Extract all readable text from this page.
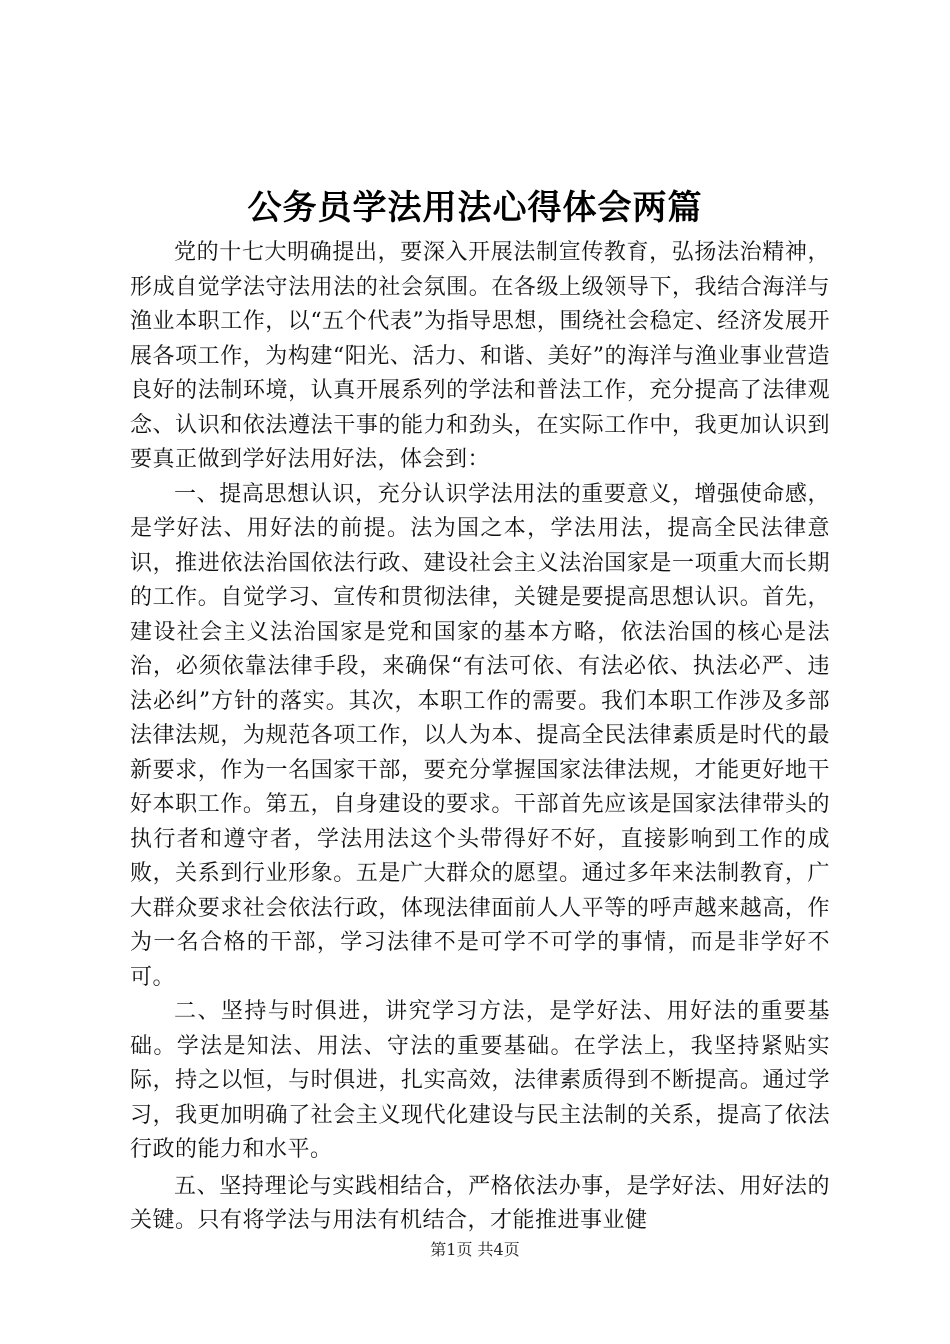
公务员学法用法心得体会两篇

党的十七大明确提出，要深入开展法制宣传教育，弘扬法治精神，形成自觉学法守法用法的社会氛围。在各级上级领导下，我结合海洋与渔业本职工作，以“五个代表”为指导思想，围绕社会稳定、经济发展开展各项工作，为构建“阳光、活力、和谐、美好”的海洋与渔业事业营造良好的法制环境，认真开展系列的学法和普法工作，充分提高了法律观念、认识和依法遵法干事的能力和劲头，在实际工作中，我更加认识到要真正做到学好法用好法，体会到：

一、提高思想认识，充分认识学法用法的重要意义，增强使命感，是学好法、用好法的前提。法为国之本，学法用法，提高全民法律意识，推进依法治国依法行政、建设社会主义法治国家是一项重大而长期的工作。自觉学习、宣传和贯彻法律，关键是要提高思想认识。首先，建设社会主义法治国家是党和国家的基本方略，依法治国的核心是法治，必须依靠法律手段，来确保“有法可依、有法必依、执法必严、违法必纠”方针的落实。其次，本职工作的需要。我们本职工作涉及多部法律法规，为规范各项工作，以人为本、提高全民法律素质是时代的最新要求，作为一名国家干部，要充分掌握国家法律法规，才能更好地干好本职工作。第五，自身建设的要求。干部首先应该是国家法律带头的执行者和遵守者，学法用法这个头带得好不好，直接影响到工作的成败，关系到行业形象。五是广大群众的愿望。通过多年来法制教育，广大群众要求社会依法行政，体现法律面前人人平等的呼声越来越高，作为一名合格的干部，学习法律不是可学不可学的事情，而是非学好不可。

二、坚持与时俱进，讲究学习方法，是学好法、用好法的重要基础。学法是知法、用法、守法的重要基础。在学法上，我坚持紧贴实际，持之以恒，与时俱进，扎实高效，法律素质得到不断提高。通过学习，我更加明确了社会主义现代化建设与民主法制的关系，提高了依法行政的能力和水平。

五、坚持理论与实践相结合，严格依法办事，是学好法、用好法的关键。只有将学法与用法有机结合，才能推进事业健

第1页 共4页
